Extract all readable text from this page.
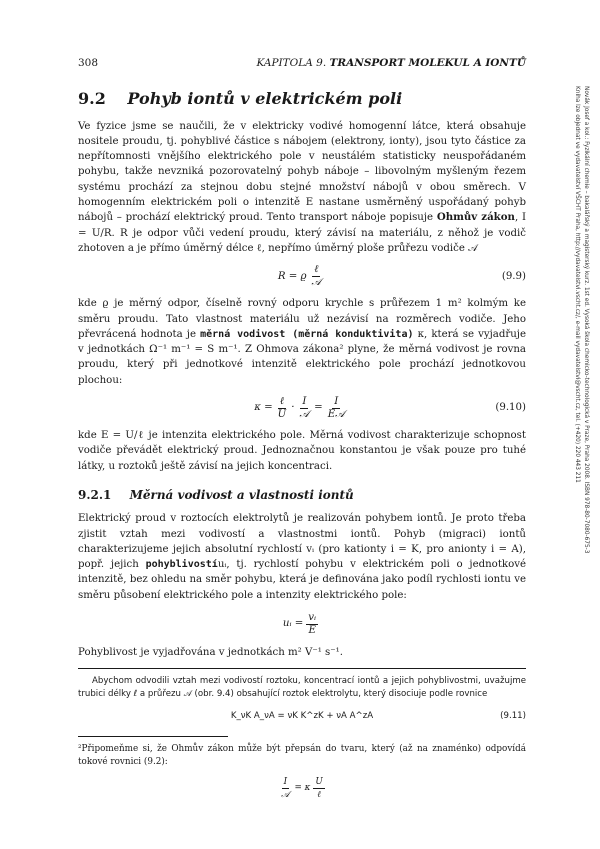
308	KAPITOLA 9. TRANSPORT MOLEKUL A IONTŮ
9.2 Pohyb iontů v elektrickém poli

Ve fyzice jsme se naučili, že v elektricky vodivé homogenní látce, která obsahuje nositele proudu, tj. pohyblivé částice s nábojem (elektrony, ionty), jsou tyto částice za nepřítomnosti vnějšího elektrického pole v neustálém statisticky neuspořádaném pohybu, takže nevzniká pozorovatelný pohyb náboje – libovolným myšleným řezem systému prochází za stejnou dobu stejné množství nábojů v obou směrech. V homogenním elektrickém poli o intenzitě E nastane usměrněný uspořádaný pohyb nábojů – prochází elektrický proud. Tento transport náboje popisuje Ohmův zákon, I = U/R. R je odpor vůči vedení proudu, který závisí na materiálu, z něhož je vodič zhotoven a je přímo úměrný délce ℓ, nepřímo úměrný ploše průřezu vodiče 𝒜

R = ϱ $\frac{\text{ℓ}}{\text{𝒜}}$	(9.9)

kde ϱ je měrný odpor, číselně rovný odporu krychle s průřezem 1 m² kolmým ke směru proudu. Tato vlastnost materiálu už nezávisí na rozměrech vodiče. Jeho převrácená hodnota je měrná vodivost (měrná konduktivita) κ, která se vyjadřuje v jednotkách Ω⁻¹ m⁻¹ = S m⁻¹. Z Ohmova zákona² plyne, že měrná vodivost je rovna proudu, který při jednotkové intenzitě elektrického pole prochází jednotkovou plochou:

$\kappa = \frac{\text{ℓ}}{U} \cdot \frac{I}{\text{𝒜}} = \frac{I}{\text{E𝒜}}$	(9.10)

kde E = U/ℓ je intenzita elektrického pole. Měrná vodivost charakterizuje schopnost vodiče převádět elektrický proud. Jednoznačnou konstantou je však pouze pro tuhé látky, u roztoků ještě závisí na jejich koncentraci.

9.2.1 Měrná vodivost a vlastnosti iontů

Elektrický proud v roztocích elektrolytů je realizován pohybem iontů. Je proto třeba zjistit vztah mezi vodivostí a vlastnostmi iontů. Pohyb (migraci) iontů charakterizujeme jejich absolutní rychlostí vᵢ (pro kationty i = K, pro anionty i = A), popř. jejich pohyblivostíuᵢ, tj. rychlostí pohybu v elektrickém poli o jednotkové intenzitě, bez ohledu na směr pohybu, která je definována jako podíl rychlosti iontu ve směru působení elektrického pole a intenzity elektrického pole:

uᵢ = $\frac{\text{vᵢ}}{E}$

Pohyblivost je vyjadřována v jednotkách m² V⁻¹ s⁻¹.

Abychom odvodili vztah mezi vodivostí roztoku, koncentrací iontů a jejich pohyblivostmi, uvažujme trubici délky ℓ a průřezu 𝒜 (obr. 9.4) obsahující roztok elektrolytu, který disociuje podle rovnice

K_νK A_νA = νK K^zK + νA A^zA	(9.11)

²Připomeňme si, že Ohmův zákon může být přepsán do tvaru, který (až na znaménko) odpovídá tokové rovnici (9.2):

$\frac{I}{\text{𝒜}} = \kappa \frac{U}{\text{ℓ}}$
Novák Josef a kol.: Fyzikální chemie – bakalářský a magisterský kurz. 1st ed. Vysoká škola chemicko-technologická v Praze, Praha 2008. ISBN 978-80-7080-675-3
Kniha lze objednat ve vydavatelství VŠCHT Praha, http://vydavatelstvi.vscht.cz/, e-mail vydavatelstvi@vscht.cz, tel. (+420) 220 443 211
